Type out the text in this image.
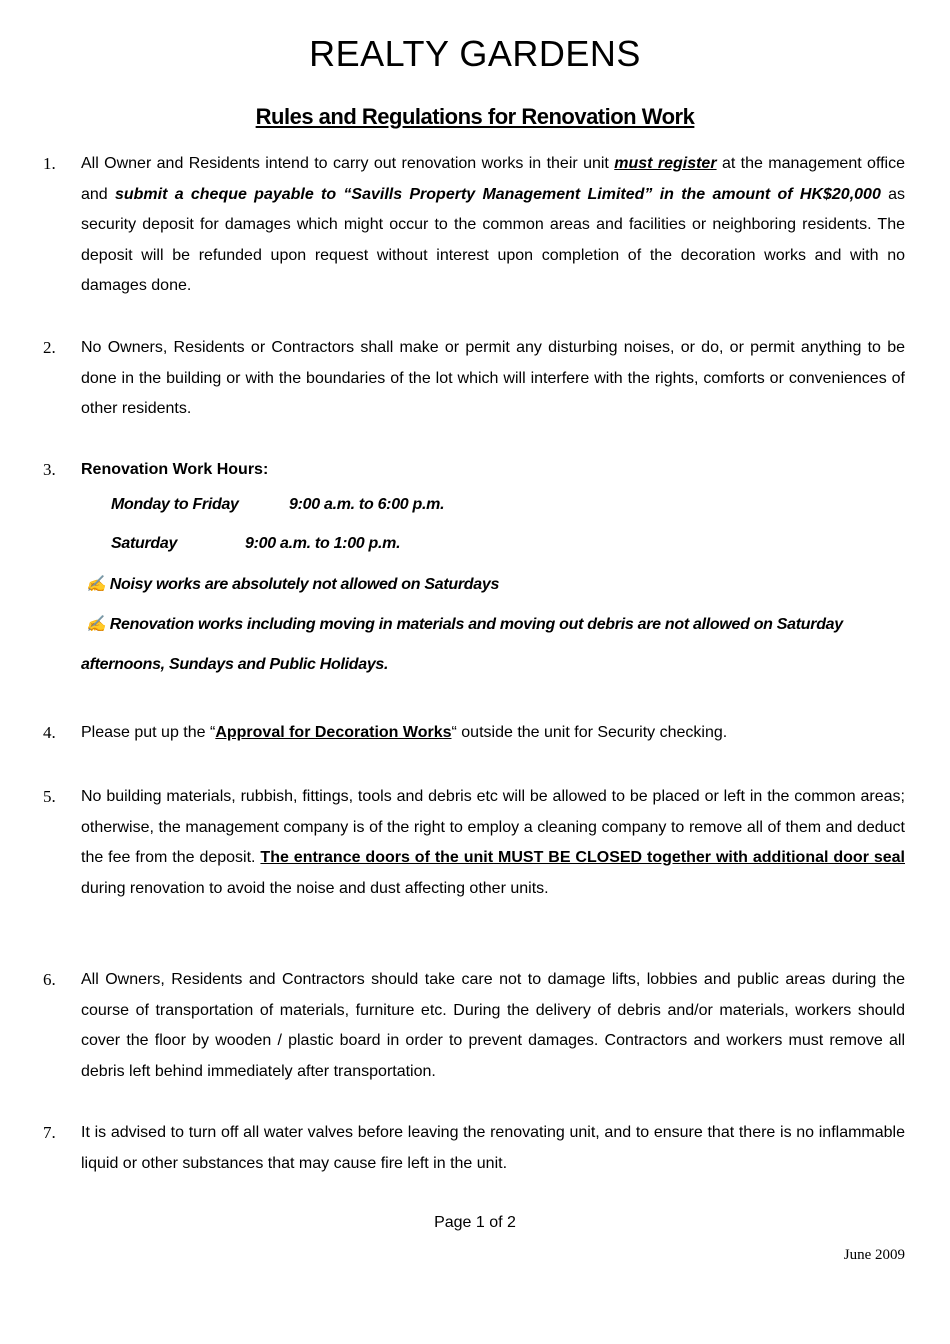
REALTY GARDENS
Rules and Regulations for Renovation Work
1. All Owner and Residents intend to carry out renovation works in their unit must register at the management office and submit a cheque payable to “Savills Property Management Limited” in the amount of HK$20,000 as security deposit for damages which might occur to the common areas and facilities or neighboring residents. The deposit will be refunded upon request without interest upon completion of the decoration works and with no damages done.
2. No Owners, Residents or Contractors shall make or permit any disturbing noises, or do, or permit anything to be done in the building or with the boundaries of the lot which will interfere with the rights, comforts or conveniences of other residents.
3. Renovation Work Hours:
Monday to Friday	9:00 a.m. to 6:00 p.m.
Saturday	9:00 a.m. to 1:00 p.m.
✍ Noisy works are absolutely not allowed on Saturdays
✍ Renovation works including moving in materials and moving out debris are not allowed on Saturday
afternoons, Sundays and Public Holidays.
4. Please put up the “Approval for Decoration Works“ outside the unit for Security checking.
5. No building materials, rubbish, fittings, tools and debris etc will be allowed to be placed or left in the common areas; otherwise, the management company is of the right to employ a cleaning company to remove all of them and deduct the fee from the deposit. The entrance doors of the unit MUST BE CLOSED together with additional door seal during renovation to avoid the noise and dust affecting other units.
6. All Owners, Residents and Contractors should take care not to damage lifts, lobbies and public areas during the course of transportation of materials, furniture etc. During the delivery of debris and/or materials, workers should cover the floor by wooden / plastic board in order to prevent damages. Contractors and workers must remove all debris left behind immediately after transportation.
7. It is advised to turn off all water valves before leaving the renovating unit, and to ensure that there is no inflammable liquid or other substances that may cause fire left in the unit.
Page 1 of 2
June 2009
